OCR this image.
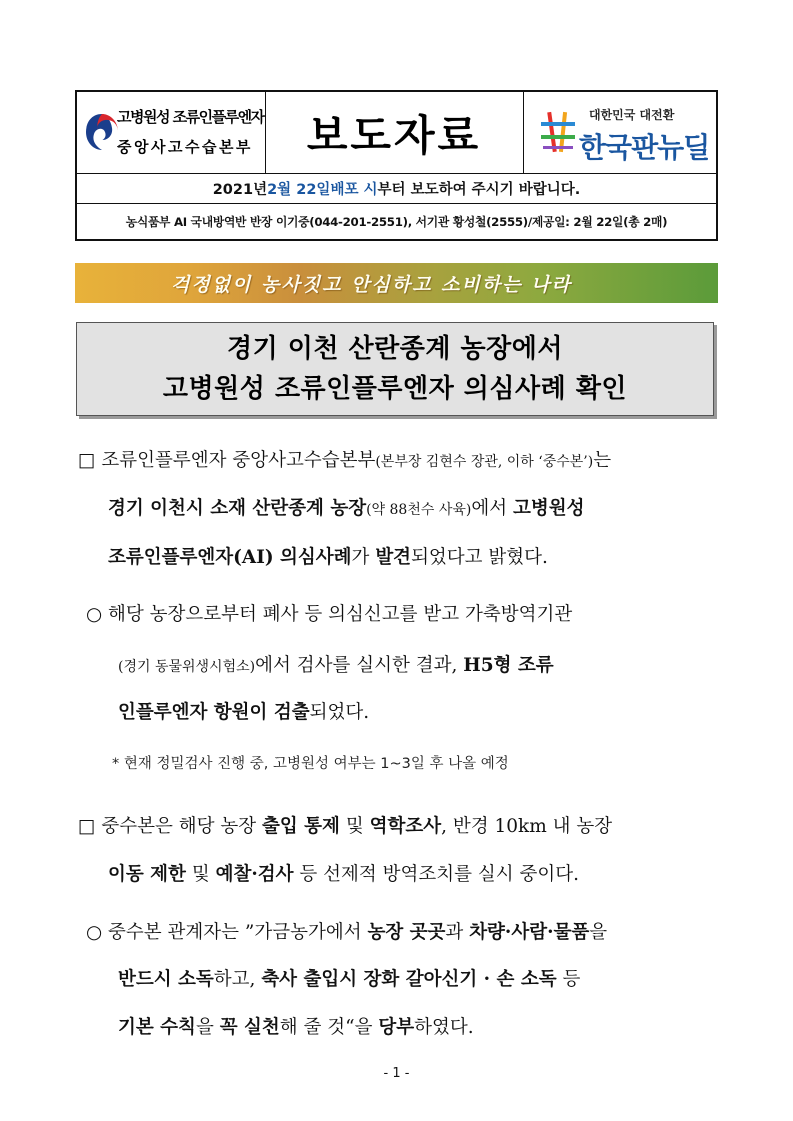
고병원성 조류인플루엔자
중앙사고수습본부 보도자료	대한민국 대전환
한국판뉴딜
2021년 2월 22일 배포 시 부터 보도하여 주시기 바랍니다.
농식품부 AI 국내방역반 반장 이기중(044-201-2551), 서기관 황성철(2555)/제공일: 2월 22일(총 2매)
걱정없이 농사짓고 안심하고 소비하는 나라
경기 이천 산란종계 농장에서
고병원성 조류인플루엔자 의심사례 확인
□ 조류인플루엔자 중앙사고수습본부(본부장 김현수 장관, 이하 ‘중수본’)는
경기 이천시 소재 산란종계 농장(약 88천수 사육)에서 고병원성
조류인플루엔자(AI) 의심사례가 발견되었다고 밝혔다.
○ 해당 농장으로부터 폐사 등 의심신고를 받고 가축방역기관
(경기 동물위생시험소)에서 검사를 실시한 결과, H5형 조류
인플루엔자 항원이 검출되었다.
* 현재 정밀검사 진행 중, 고병원성 여부는 1~3일 후 나올 예정
□ 중수본은 해당 농장 출입 통제 및 역학조사, 반경 10km 내 농장
이동 제한 및 예찰·검사 등 선제적 방역조치를 실시 중이다.
○ 중수본 관계자는 ”가금농가에서 농장 곳곳과 차량·사람·물품을
반드시 소독하고, 축사 출입시 장화 갈아신기 · 손 소독 등
기본 수칙을 꼭 실천해 줄 것“을 당부하였다.
- 1 -
